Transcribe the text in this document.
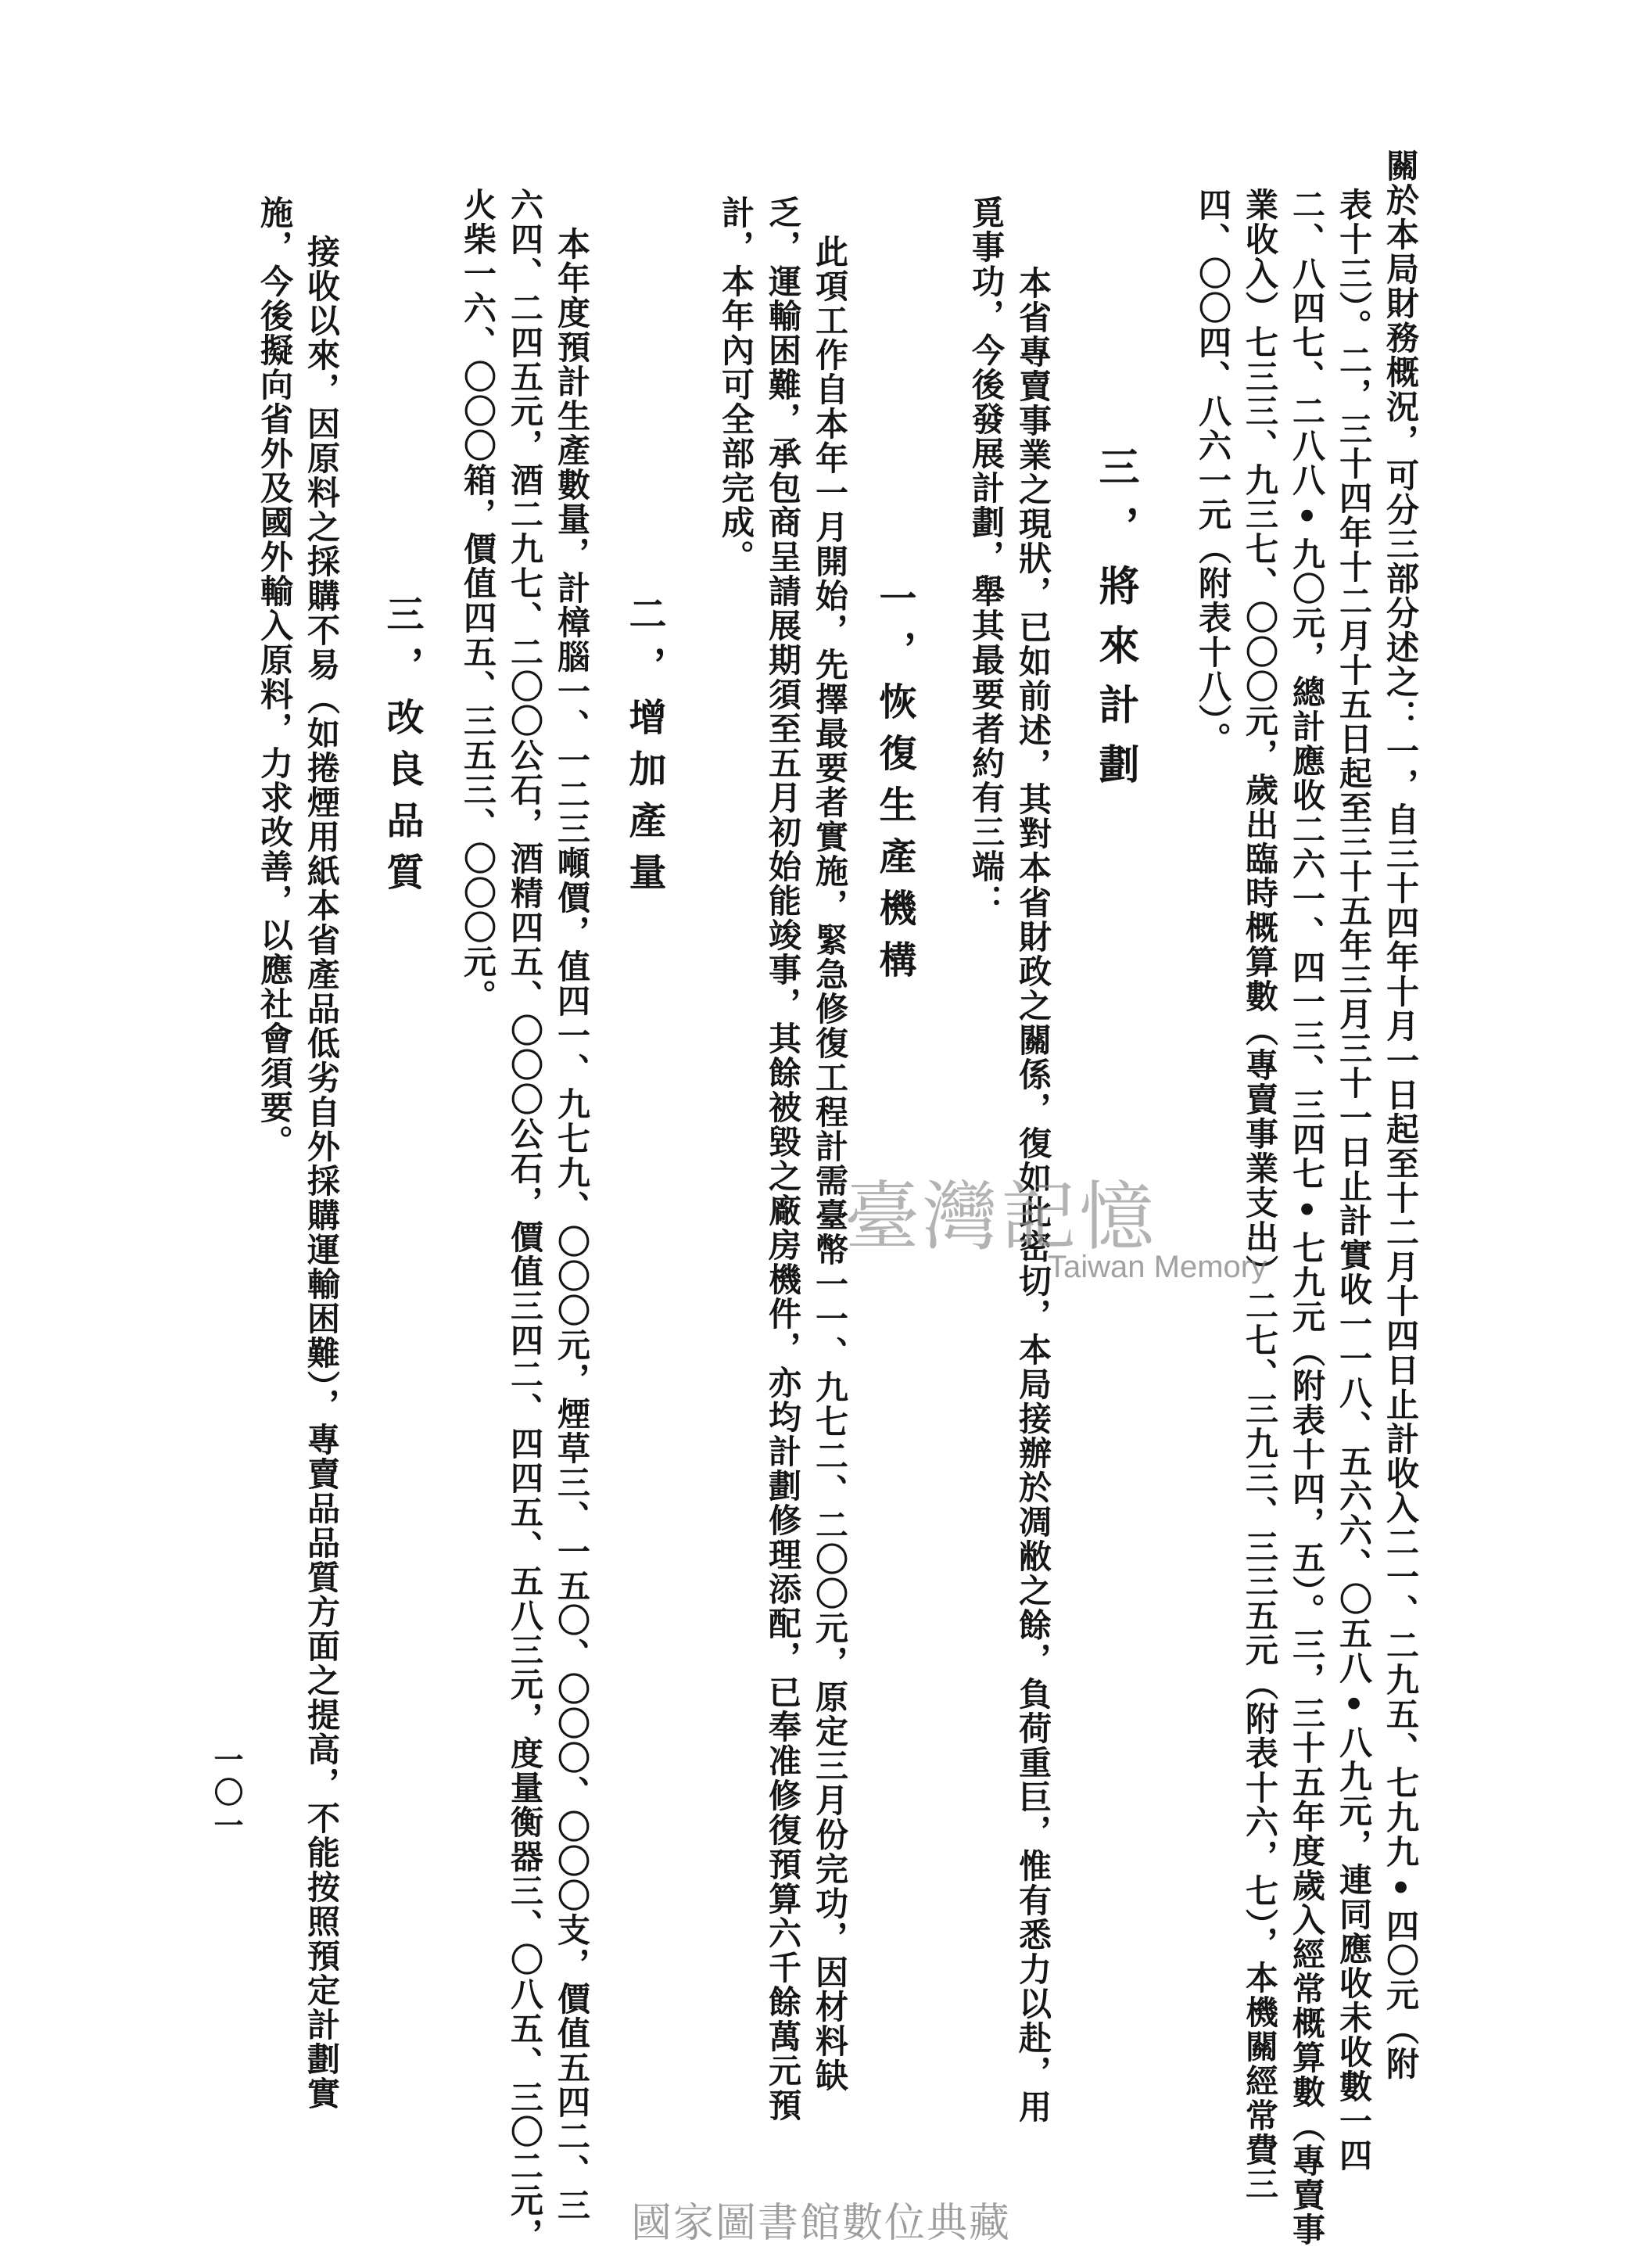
關於本局財務概況，可分三部分述之：一，自三十四年十月一日起至十二月十四日止計收入二一、二九五、七九九•四〇元（附
表十三）。二，三十四年十二月十五日起至三十五年三月三十一日止計實收一一八、五六六、〇五八•八九元，連同應收未收數一四
二、八四七、二八八•九〇元，總計應收二六一、四一三、三四七•七九元（附表十四，五）。三，三十五年度歲入經常概算數（專賣事
業收入）七三三、九三七、〇〇〇元，歲出臨時概算數（專賣事業支出）二七、三九三、三三五元（附表十六，七），本機關經常費三
四、〇〇四、八六一元（附表十八）。
三，將來計劃
本省專賣事業之現狀，已如前述，其對本省財政之關係，復如此密切，本局接辦於凋敝之餘，負荷重巨，惟有悉力以赴，用
覓事功，今後發展計劃，舉其最要者約有三端：
一，恢復生產機構
此項工作自本年一月開始，先擇最要者實施，緊急修復工程計需臺幣一一、九七二、二〇〇元，原定三月份完功，因材料缺
乏，運輸困難，承包商呈請展期須至五月初始能竣事，其餘被毀之廠房機件，亦均計劃修理添配，已奉准修復預算六千餘萬元預
計，本年內可全部完成。
二，增加產量
本年度預計生產數量，計樟腦一、一二三噸價，值四一、九七九、〇〇〇元，煙草三、一五〇、〇〇〇、〇〇〇支，價值五四二、三
六四、二四五元，酒二九七、二〇〇公石，酒精四五、〇〇〇公石，價值三四二、四四五、五八三元，度量衡器三、〇八五、三〇二元，
火柴一六、〇〇〇箱，價值四五、三五三、〇〇〇元。
三，改良品質
接收以來，因原料之採購不易（如捲煙用紙本省產品低劣自外採購運輸困難），專賣品品質方面之提高，不能按照預定計劃實
施，今後擬向省外及國外輸入原料，力求改善，以應社會須要。
一〇一
臺灣記憶
Taiwan Memory
國家圖書館數位典藏
